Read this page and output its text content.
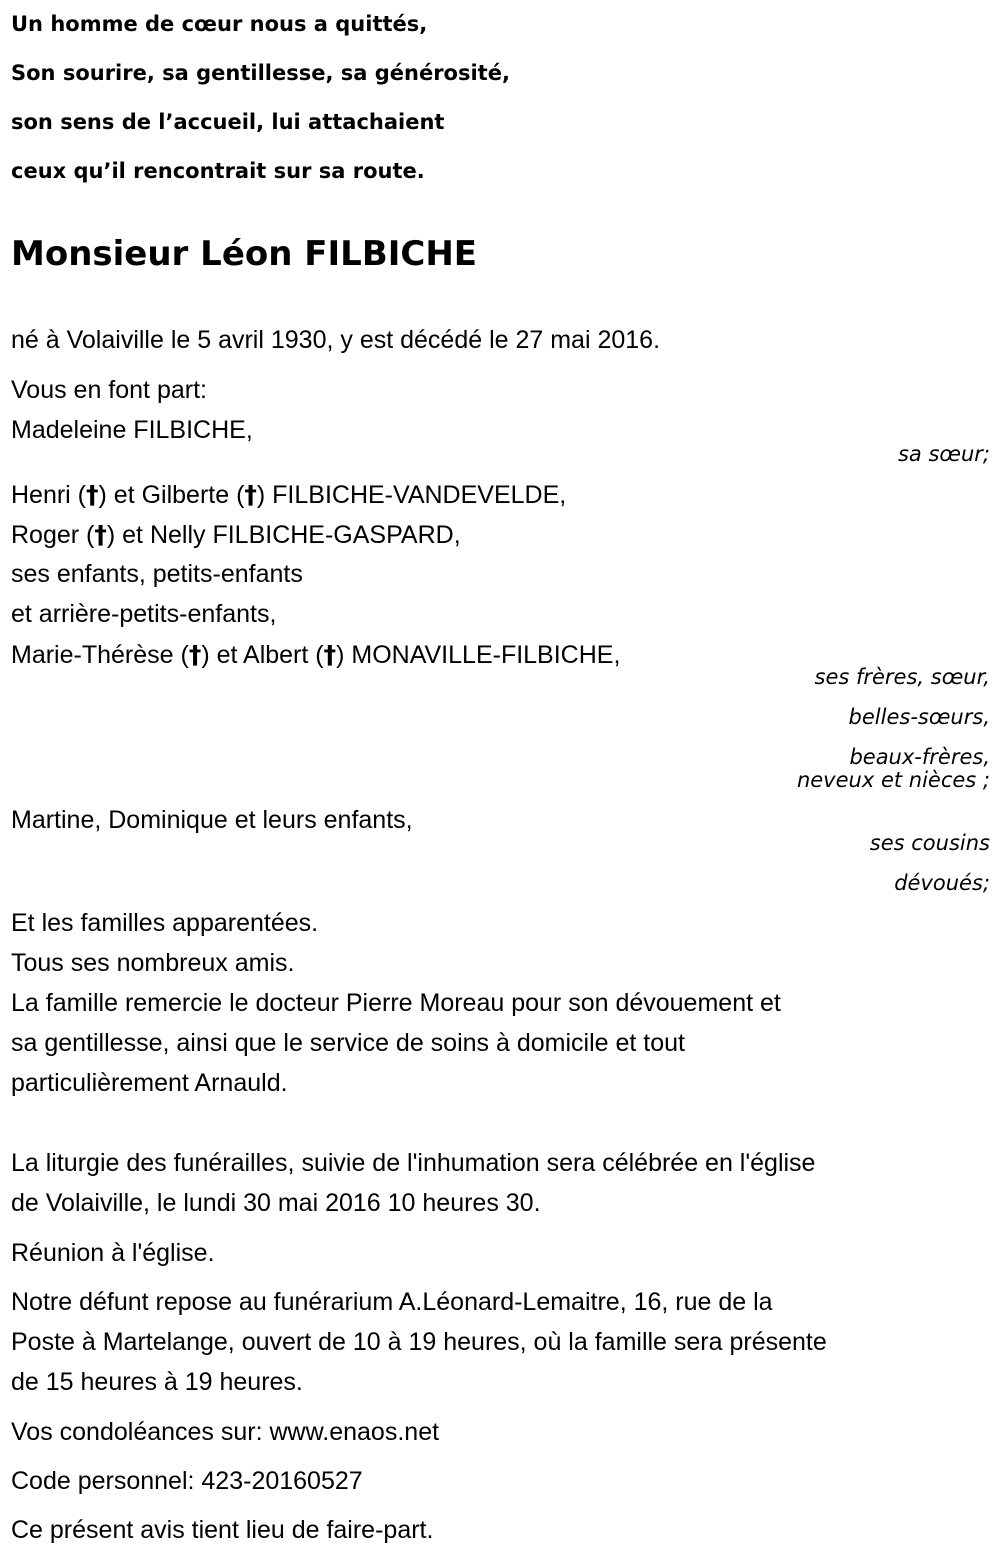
Un homme de cœur nous a quittés,
Son sourire, sa gentillesse, sa générosité,
son sens de l’accueil, lui attachaient
ceux qu’il rencontrait sur sa route.
Monsieur Léon FILBICHE
né à Volaiville le 5 avril 1930, y est décédé le 27 mai 2016.
Vous en font part:
Madeleine FILBICHE,
sa sœur;
Henri (†) et Gilberte (†) FILBICHE-VANDEVELDE,
Roger (†) et Nelly FILBICHE-GASPARD,
ses enfants, petits-enfants
et arrière-petits-enfants,
Marie-Thérèse (†) et Albert (†) MONAVILLE-FILBICHE,
ses frères, sœur,
belles-sœurs,
beaux-frères,
neveux et nièces ;
Martine, Dominique et leurs enfants,
ses cousins
dévoués;
Et les familles apparentées.
Tous ses nombreux amis.
La famille remercie le docteur Pierre Moreau pour son dévouement et
sa gentillesse, ainsi que le service de soins à domicile et tout
particulièrement Arnauld.
La liturgie des funérailles, suivie de l'inhumation sera célébrée en l'église
de Volaiville, le lundi 30 mai 2016 10 heures 30.
Réunion à l'église.
Notre défunt repose au funérarium A.Léonard-Lemaitre, 16, rue de la
Poste à Martelange, ouvert de 10 à 19 heures, où la famille sera présente
de 15 heures à 19 heures.
Vos condoléances sur: www.enaos.net
Code personnel: 423-20160527
Ce présent avis tient lieu de faire-part.
